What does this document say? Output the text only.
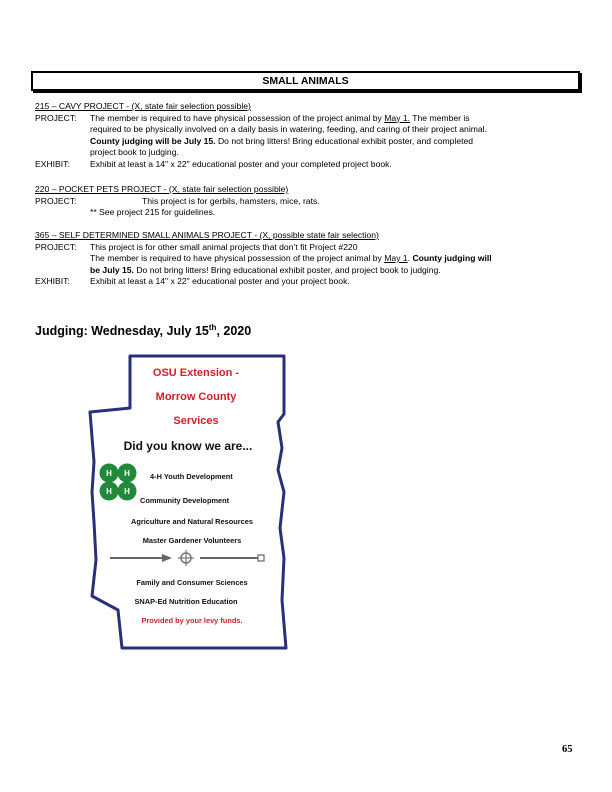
SMALL ANIMALS
215 – CAVY PROJECT - (X, state fair selection possible)
PROJECT:	The member is required to have physical possession of the project animal by May 1. The member is
required to be physically involved on a daily basis in watering, feeding, and caring of their project animal.
County judging will be July 15. Do not bring litters! Bring educational exhibit poster, and completed
project book to judging.
EXHIBIT:	Exhibit at least a 14" x 22" educational poster and your completed project book.
220 – POCKET PETS PROJECT - (X, state fair selection possible)
PROJECT:	This project is for gerbils, hamsters, mice, rats.
** See project 215 for guidelines.
365 – SELF DETERMINED SMALL ANIMALS PROJECT - (X, possible state fair selection)
PROJECT:	This project is for other small animal projects that don’t fit Project #220
The member is required to have physical possession of the project animal by May 1. County judging will
be July 15. Do not bring litters! Bring educational exhibit poster, and project book to judging.
EXHIBIT:	Exhibit at least a 14" x 22" educational poster and your project book.
Judging: Wednesday, July 15th, 2020
OSU Extension -
Morrow County
Services
Did you know we are...
H H
H H
4-H Youth Development
Community Development
Agriculture and Natural Resources
Master Gardener Volunteers
Family and Consumer Sciences
SNAP-Ed Nutrition Education
Provided by your levy funds.
65
